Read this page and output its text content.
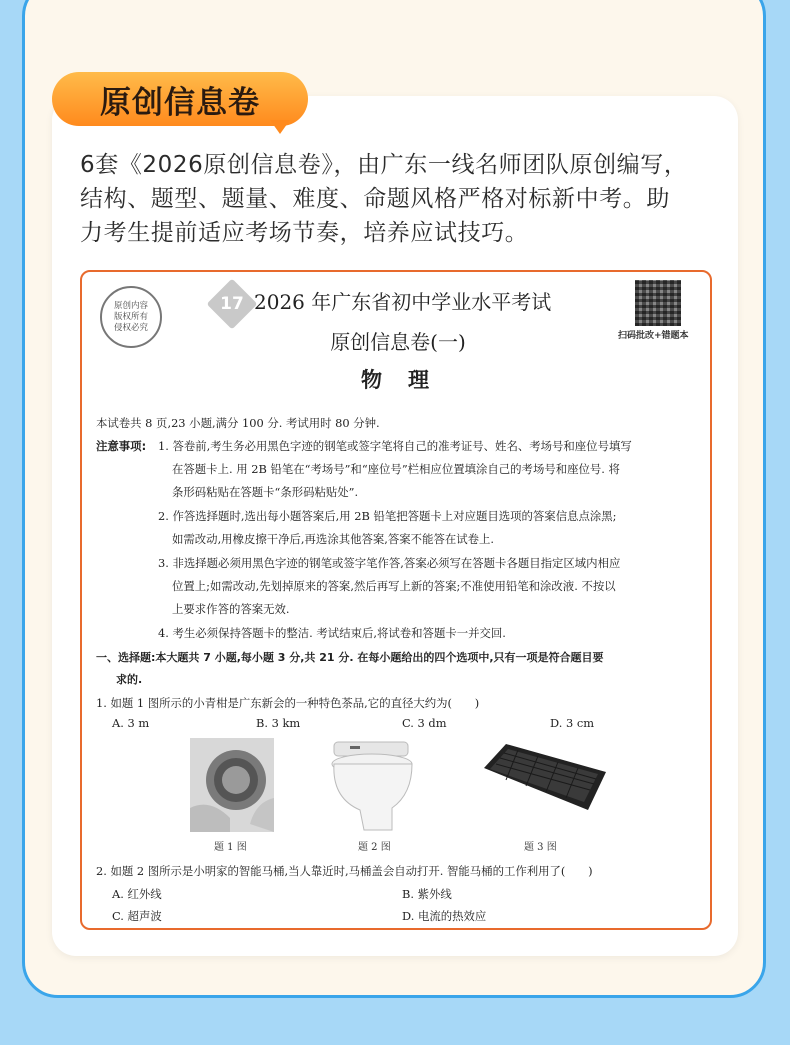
原创信息卷
6套《2026原创信息卷》，由广东一线名师团队原创编写，
结构、题型、题量、难度、命题风格严格对标新中考。助
力考生提前适应考场节奏，培养应试技巧。
原创内容
版权所有
侵权必究
17 2026 年广东省初中学业水平考试
原创信息卷(一)
物理
扫码批改+错题本
本试卷共 8 页,23 小题,满分 100 分. 考试用时 80 分钟.
注意事项: 1. 答卷前,考生务必用黑色字迹的钢笔或签字笔将自己的准考证号、姓名、考场号和座位号填写
在答题卡上. 用 2B 铅笔在“考场号”和“座位号”栏相应位置填涂自己的考场号和座位号. 将
条形码粘贴在答题卡“条形码粘贴处”.
2. 作答选择题时,选出每小题答案后,用 2B 铅笔把答题卡上对应题目选项的答案信息点涂黑;
如需改动,用橡皮擦干净后,再选涂其他答案,答案不能答在试卷上.
3. 非选择题必须用黑色字迹的钢笔或签字笔作答,答案必须写在答题卡各题目指定区域内相应
位置上;如需改动,先划掉原来的答案,然后再写上新的答案;不准使用铅笔和涂改液. 不按以
上要求作答的答案无效.
4. 考生必须保持答题卡的整洁. 考试结束后,将试卷和答题卡一并交回.
一、选择题:本大题共 7 小题,每小题 3 分,共 21 分. 在每小题给出的四个选项中,只有一项是符合题目要
求的.
1. 如题 1 图所示的小青柑是广东新会的一种特色茶品,它的直径大约为(　　)
A. 3 m	B. 3 km	C. 3 dm	D. 3 cm
题 1 图	题 2 图	题 3 图
2. 如题 2 图所示是小明家的智能马桶,当人靠近时,马桶盖会自动打开. 智能马桶的工作利用了(　　)
A. 红外线	B. 紫外线
C. 超声波	D. 电流的热效应
